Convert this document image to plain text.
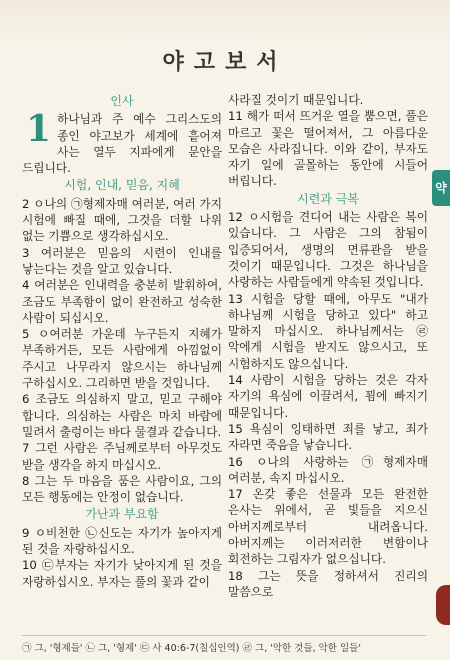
야고보서
인사

1 하나님과 주 예수 그리스도의 종인 야고보가 세계에 흩어져 사는 열두 지파에게 문안을 드립니다.

시험, 인내, 믿음, 지혜

2 ㅇ나의 ㉠형제자매 여러분, 여러 가지 시험에 빠질 때에, 그것을 더할 나위 없는 기쁨으로 생각하십시오.

3 여러분은 믿음의 시련이 인내를 낳는다는 것을 알고 있습니다.

4 여러분은 인내력을 충분히 발휘하여, 조금도 부족함이 없이 완전하고 성숙한 사람이 되십시오.

5 ㅇ여러분 가운데 누구든지 지혜가 부족하거든, 모든 사람에게 아낌없이 주시고 나무라지 않으시는 하나님께 구하십시오. 그리하면 받을 것입니다.

6 조금도 의심하지 말고, 믿고 구해야 합니다. 의심하는 사람은 마치 바람에 밀려서 출렁이는 바다 물결과 같습니다.

7 그런 사람은 주님께로부터 아무것도 받을 생각을 하지 마십시오.

8 그는 두 마음을 품은 사람이요, 그의 모든 행동에는 안정이 없습니다.

가난과 부요함

9 ㅇ비천한 ㉡신도는 자기가 높아지게 된 것을 자랑하십시오.

10 ㉢부자는 자기가 낮아지게 된 것을 자랑하십시오. 부자는 풀의 꽃과 같이

사라질 것이기 때문입니다.

11 해가 떠서 뜨거운 열을 뿜으면, 풀은 마르고 꽃은 떨어져서, 그 아름다운 모습은 사라집니다. 이와 같이, 부자도 자기 일에 골몰하는 동안에 시들어 버립니다.

시련과 극복

12 ㅇ시험을 견디어 내는 사람은 복이 있습니다. 그 사람은 그의 참됨이 입증되어서, 생명의 면류관을 받을 것이기 때문입니다. 그것은 하나님을 사랑하는 사람들에게 약속된 것입니다.

13 시험을 당할 때에, 아무도 "내가 하나님께 시험을 당하고 있다" 하고 말하지 마십시오. 하나님께서는 ㉣악에게 시험을 받지도 않으시고, 또 시험하지도 않으십니다.

14 사람이 시험을 당하는 것은 각자 자기의 욕심에 이끌려서, 꾐에 빠지기 때문입니다.

15 욕심이 잉태하면 죄를 낳고, 죄가 자라면 죽음을 낳습니다.

16 ㅇ나의 사랑하는 ㉠형제자매 여러분, 속지 마십시오.

17 온갖 좋은 선물과 모든 완전한 은사는 위에서, 곧 빛들을 지으신 아버지께로부터 내려옵니다. 아버지께는 이러저러한 변함이나 회전하는 그림자가 없으십니다.

18 그는 뜻을 정하셔서 진리의 말씀으로

약
㉠ 그, '형제들' ㉡ 그, '형제' ㉢ 사 40:6-7(칠십인역) ㉣ 그, '악한 것들, 악한 일들'
